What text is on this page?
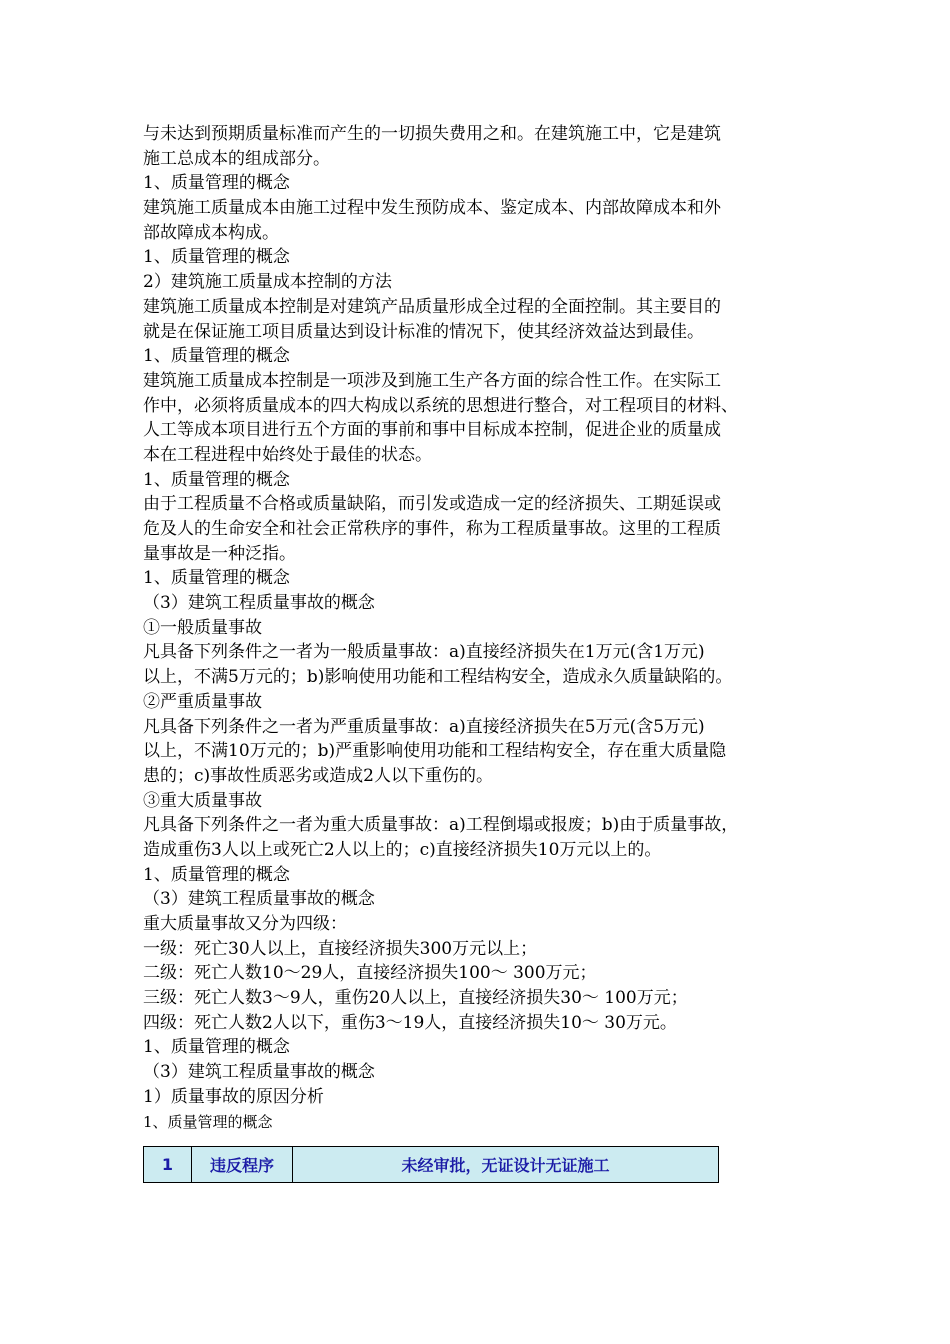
与未达到预期质量标准而产生的一切损失费用之和。在建筑施工中，它是建筑
施工总成本的组成部分。
1、质量管理的概念
建筑施工质量成本由施工过程中发生预防成本、鉴定成本、内部故障成本和外
部故障成本构成。
1、质量管理的概念
2）建筑施工质量成本控制的方法
建筑施工质量成本控制是对建筑产品质量形成全过程的全面控制。其主要目的
就是在保证施工项目质量达到设计标准的情况下，使其经济效益达到最佳。
1、质量管理的概念
建筑施工质量成本控制是一项涉及到施工生产各方面的综合性工作。在实际工
作中，必须将质量成本的四大构成以系统的思想进行整合，对工程项目的材料、
人工等成本项目进行五个方面的事前和事中目标成本控制，促进企业的质量成
本在工程进程中始终处于最佳的状态。
1、质量管理的概念
由于工程质量不合格或质量缺陷，而引发或造成一定的经济损失、工期延误或
危及人的生命安全和社会正常秩序的事件，称为工程质量事故。这里的工程质
量事故是一种泛指。
1、质量管理的概念
（3）建筑工程质量事故的概念
①一般质量事故
凡具备下列条件之一者为一般质量事故：a)直接经济损失在1万元(含1万元)
以上，不满5万元的；b)影响使用功能和工程结构安全，造成永久质量缺陷的。
②严重质量事故
凡具备下列条件之一者为严重质量事故：a)直接经济损失在5万元(含5万元)
以上，不满10万元的；b)严重影响使用功能和工程结构安全，存在重大质量隐
患的；c)事故性质恶劣或造成2人以下重伤的。
③重大质量事故
凡具备下列条件之一者为重大质量事故：a)工程倒塌或报废；b)由于质量事故，
造成重伤3人以上或死亡2人以上的；c)直接经济损失10万元以上的。
1、质量管理的概念
（3）建筑工程质量事故的概念
重大质量事故又分为四级：
一级：死亡30人以上，直接经济损失300万元以上；
二级：死亡人数10～29人，直接经济损失100～ 300万元；
三级：死亡人数3～9人，重伤20人以上，直接经济损失30～ 100万元；
四级：死亡人数2人以下，重伤3～19人，直接经济损失10～ 30万元。
1、质量管理的概念
（3）建筑工程质量事故的概念
1）质量事故的原因分析
1、质量管理的概念
1	违反程序	未经审批，无证设计无证施工
